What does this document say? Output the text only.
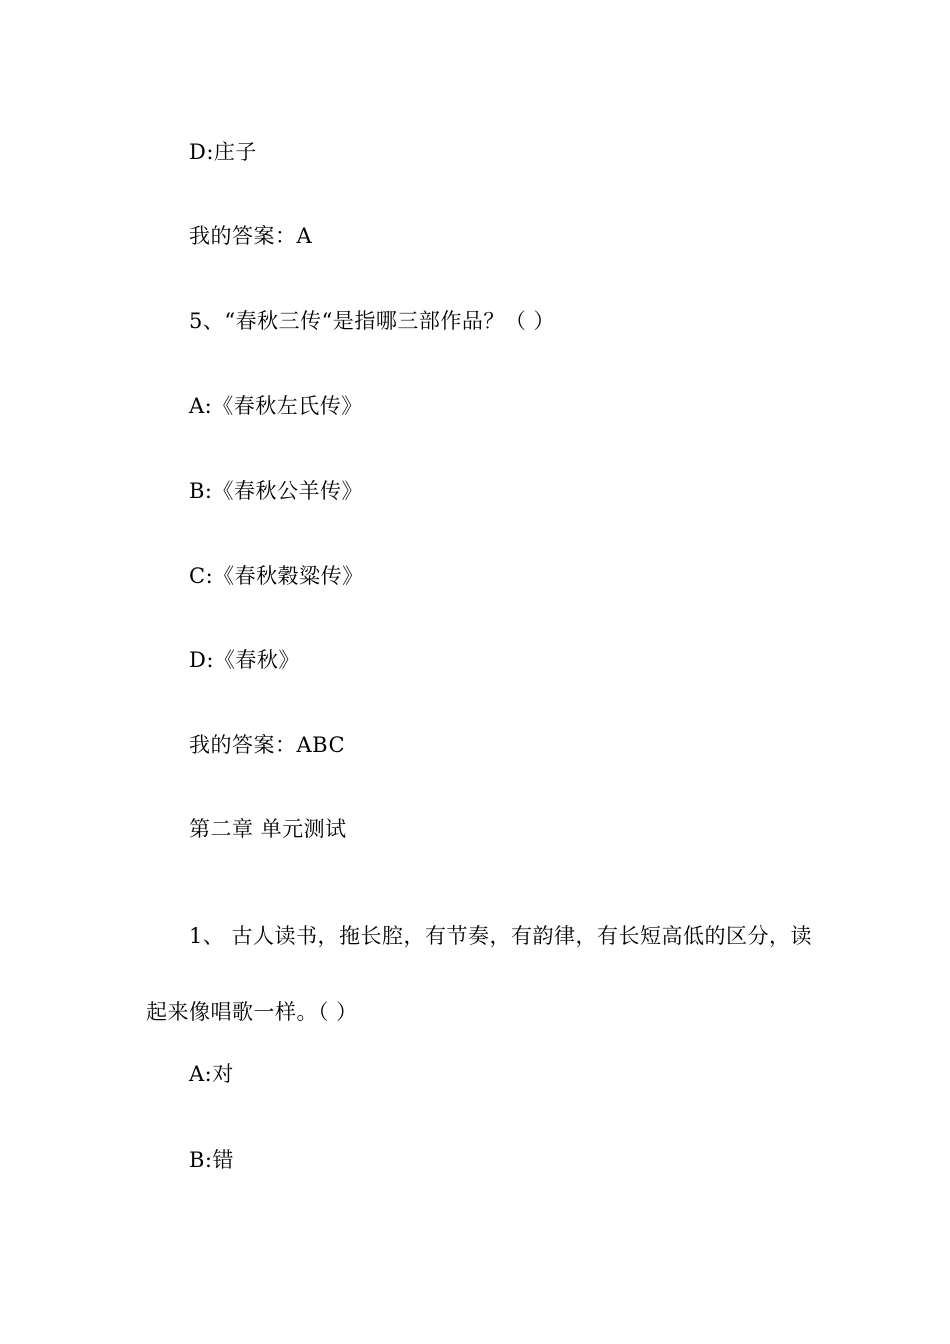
D:庄子
我的答案：A
5、“春秋三传“是指哪三部作品？（ ）
A:《春秋左氏传》
B:《春秋公羊传》
C:《春秋穀粱传》
D:《春秋》
我的答案：ABC
第二章 单元测试
1、 古人读书，拖长腔，有节奏，有韵律，有长短高低的区分，读起来像唱歌一样。（ ）
A:对
B:错
